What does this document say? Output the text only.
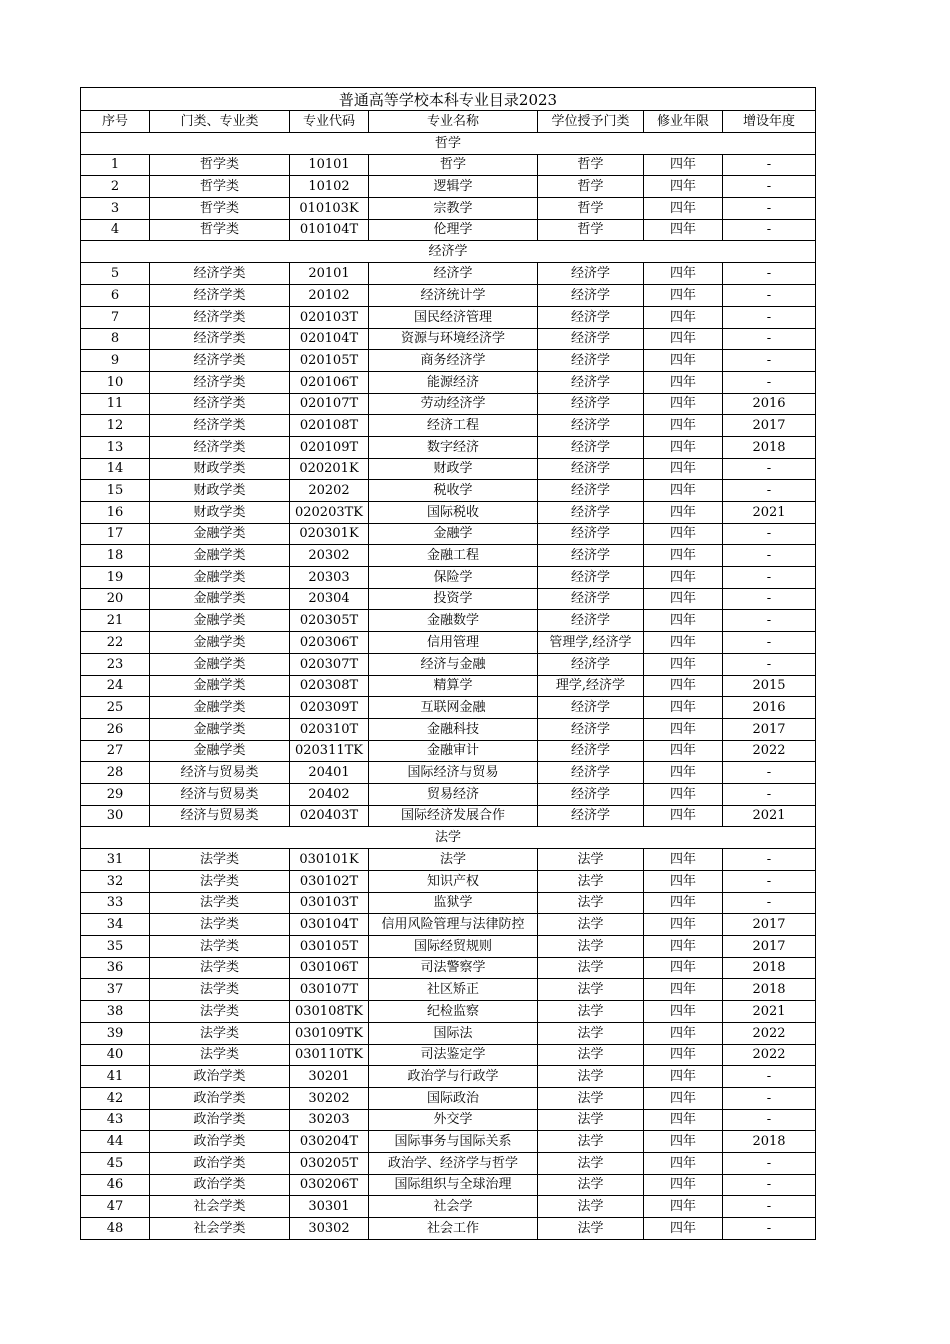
普通高等学校本科专业目录2023						
序号	门类、专业类	专业代码	专业名称	学位授予门类	修业年限	增设年度
哲学						
1	哲学类	10101	哲学	哲学	四年	-
2	哲学类	10102	逻辑学	哲学	四年	-
3	哲学类	010103K	宗教学	哲学	四年	-
4	哲学类	010104T	伦理学	哲学	四年	-
经济学						
5	经济学类	20101	经济学	经济学	四年	-
6	经济学类	20102	经济统计学	经济学	四年	-
7	经济学类	020103T	国民经济管理	经济学	四年	-
8	经济学类	020104T	资源与环境经济学	经济学	四年	-
9	经济学类	020105T	商务经济学	经济学	四年	-
10	经济学类	020106T	能源经济	经济学	四年	-
11	经济学类	020107T	劳动经济学	经济学	四年	2016
12	经济学类	020108T	经济工程	经济学	四年	2017
13	经济学类	020109T	数字经济	经济学	四年	2018
14	财政学类	020201K	财政学	经济学	四年	-
15	财政学类	20202	税收学	经济学	四年	-
16	财政学类	020203TK	国际税收	经济学	四年	2021
17	金融学类	020301K	金融学	经济学	四年	-
18	金融学类	20302	金融工程	经济学	四年	-
19	金融学类	20303	保险学	经济学	四年	-
20	金融学类	20304	投资学	经济学	四年	-
21	金融学类	020305T	金融数学	经济学	四年	-
22	金融学类	020306T	信用管理	管理学,经济学	四年	-
23	金融学类	020307T	经济与金融	经济学	四年	-
24	金融学类	020308T	精算学	理学,经济学	四年	2015
25	金融学类	020309T	互联网金融	经济学	四年	2016
26	金融学类	020310T	金融科技	经济学	四年	2017
27	金融学类	020311TK	金融审计	经济学	四年	2022
28	经济与贸易类	20401	国际经济与贸易	经济学	四年	-
29	经济与贸易类	20402	贸易经济	经济学	四年	-
30	经济与贸易类	020403T	国际经济发展合作	经济学	四年	2021
法学						
31	法学类	030101K	法学	法学	四年	-
32	法学类	030102T	知识产权	法学	四年	-
33	法学类	030103T	监狱学	法学	四年	-
34	法学类	030104T	信用风险管理与法律防控	法学	四年	2017
35	法学类	030105T	国际经贸规则	法学	四年	2017
36	法学类	030106T	司法警察学	法学	四年	2018
37	法学类	030107T	社区矫正	法学	四年	2018
38	法学类	030108TK	纪检监察	法学	四年	2021
39	法学类	030109TK	国际法	法学	四年	2022
40	法学类	030110TK	司法鉴定学	法学	四年	2022
41	政治学类	30201	政治学与行政学	法学	四年	-
42	政治学类	30202	国际政治	法学	四年	-
43	政治学类	30203	外交学	法学	四年	-
44	政治学类	030204T	国际事务与国际关系	法学	四年	2018
45	政治学类	030205T	政治学、经济学与哲学	法学	四年	-
46	政治学类	030206T	国际组织与全球治理	法学	四年	-
47	社会学类	30301	社会学	法学	四年	-
48	社会学类	30302	社会工作	法学	四年	-
